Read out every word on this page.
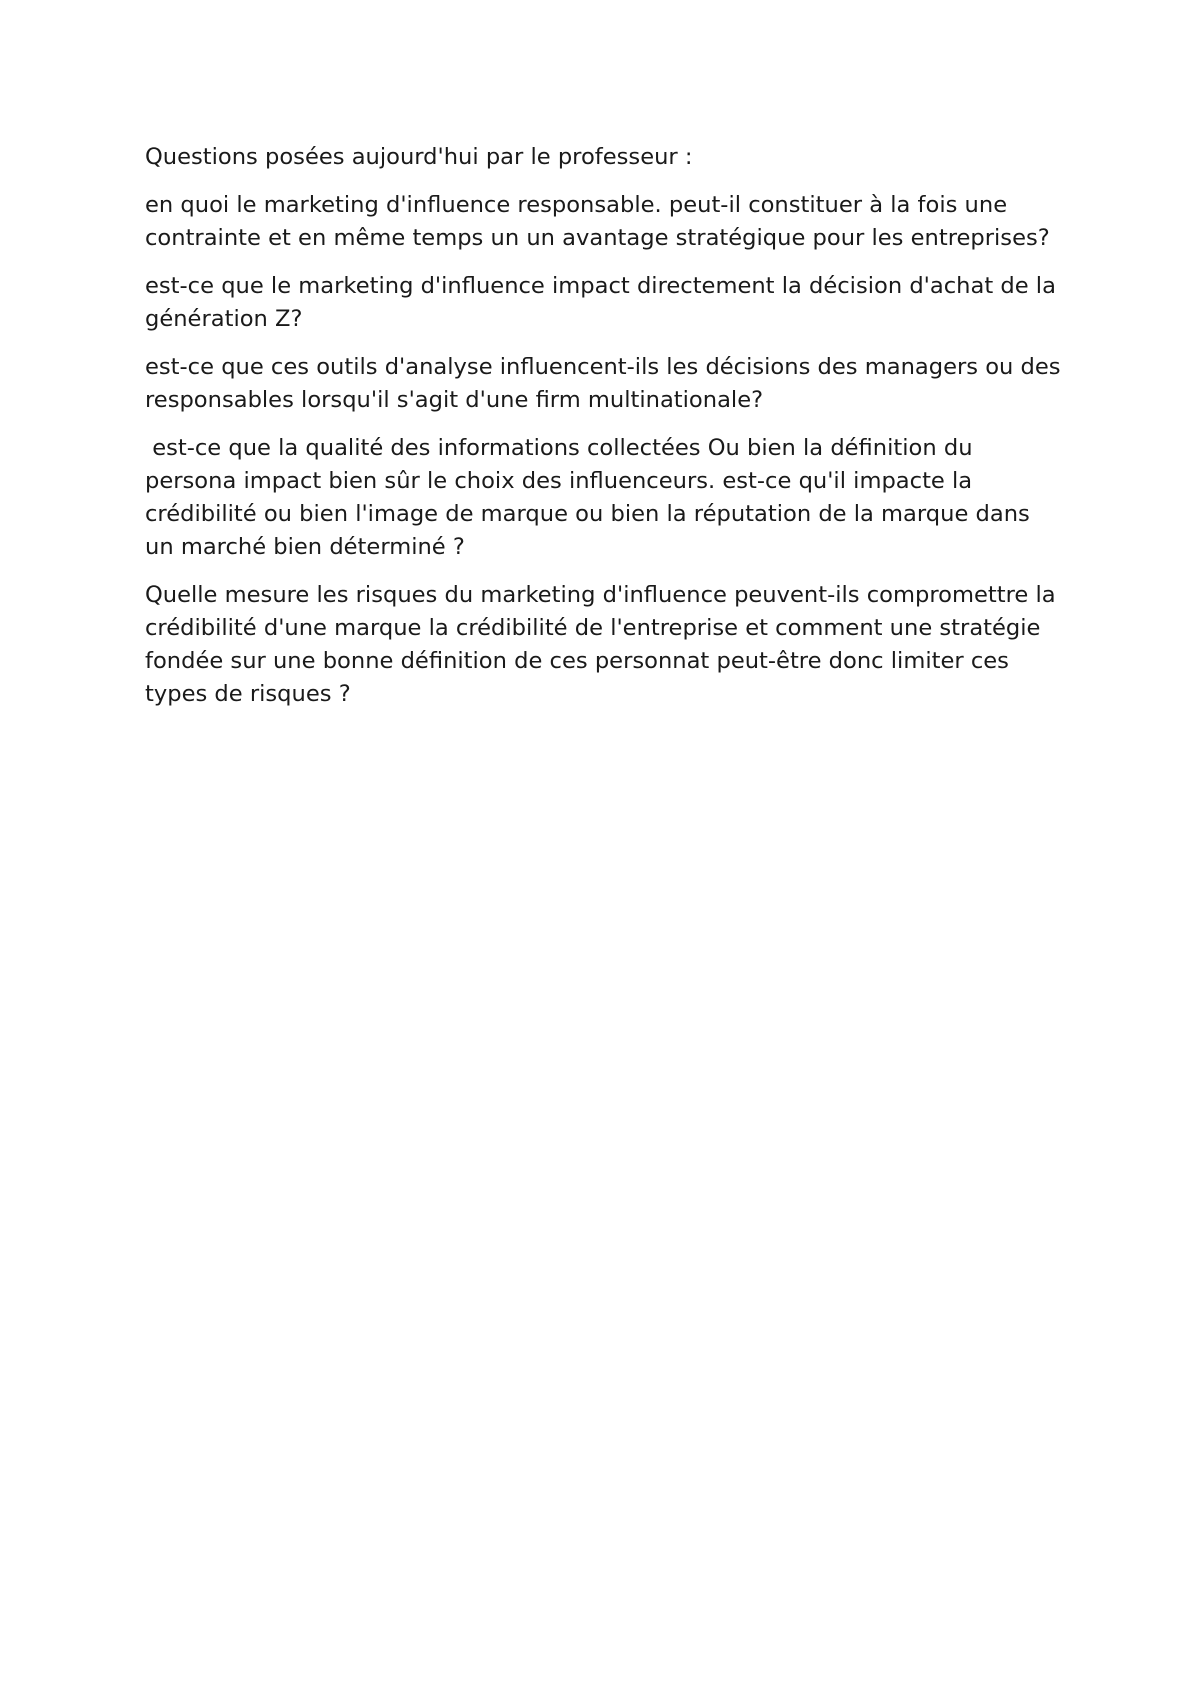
Questions posées aujourd'hui par le professeur :

en quoi le marketing d'influence responsable. peut-il constituer à la fois une contrainte et en même temps un un avantage stratégique pour les entreprises?

est-ce que le marketing d'influence impact directement la décision d'achat de la génération Z?

est-ce que ces outils d'analyse influencent-ils les décisions des managers ou des responsables lorsqu'il s'agit d'une firm multinationale?

est-ce que la qualité des informations collectées Ou bien la définition du persona impact bien sûr le choix des influenceurs. est-ce qu'il impacte la crédibilité ou bien l'image de marque ou bien la réputation de la marque dans un marché bien déterminé ?

Quelle mesure les risques du marketing d'influence peuvent-ils compromettre la crédibilité d'une marque la crédibilité de l'entreprise et comment une stratégie fondée sur une bonne définition de ces personnat peut-être donc limiter ces types de risques ?
